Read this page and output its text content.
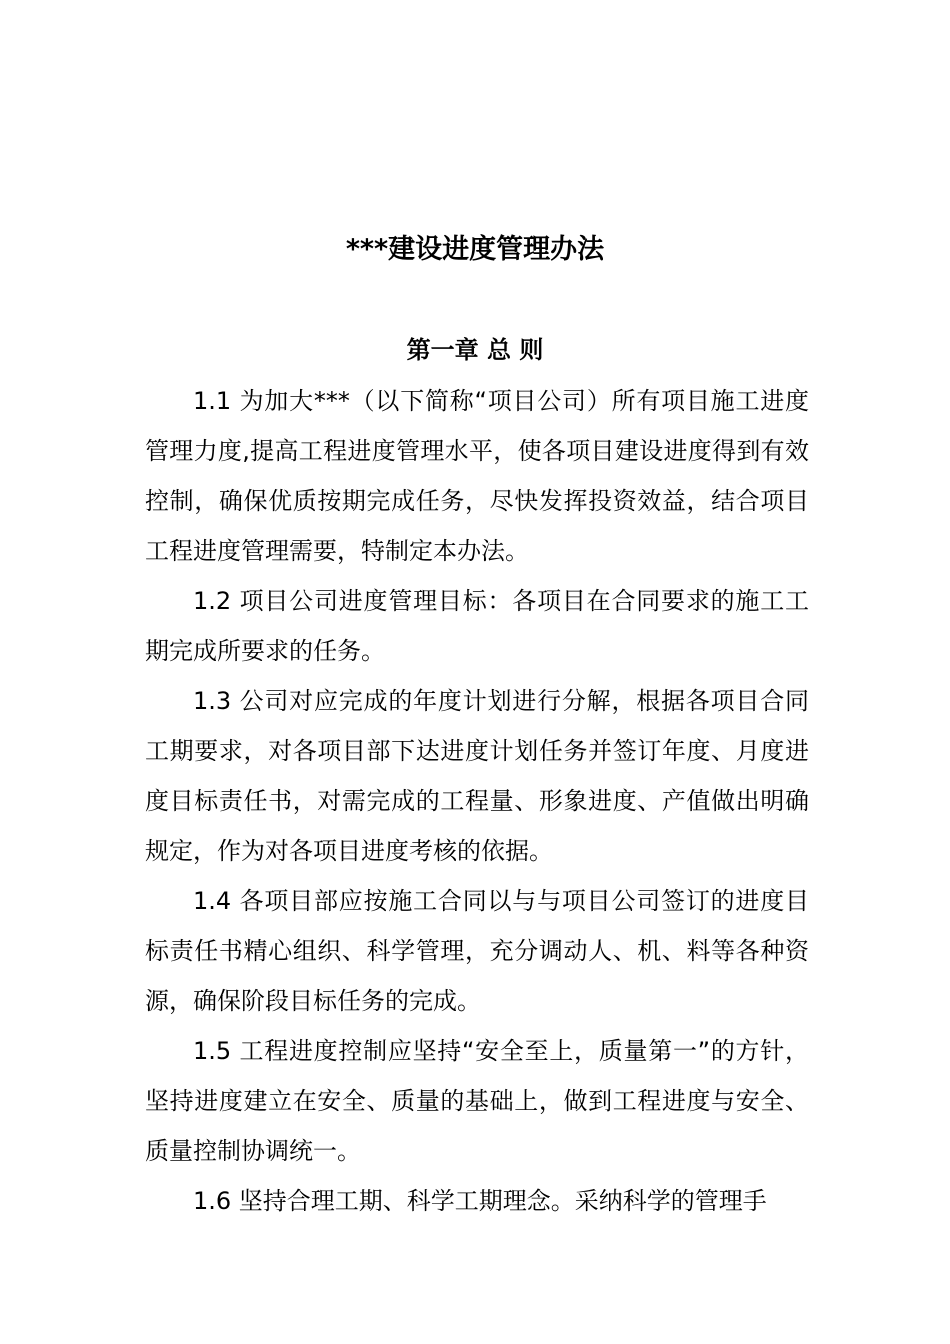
***建设进度管理办法
第一章 总 则

1.1 为加大***（以下简称“项目公司）所有项目施工进度管理力度,提高工程进度管理水平，使各项目建设进度得到有效控制，确保优质按期完成任务，尽快发挥投资效益，结合项目工程进度管理需要，特制定本办法。

1.2 项目公司进度管理目标：各项目在合同要求的施工工期完成所要求的任务。

1.3 公司对应完成的年度计划进行分解，根据各项目合同工期要求，对各项目部下达进度计划任务并签订年度、月度进度目标责任书，对需完成的工程量、形象进度、产值做出明确规定，作为对各项目进度考核的依据。

1.4 各项目部应按施工合同以与与项目公司签订的进度目标责任书精心组织、科学管理，充分调动人、机、料等各种资源，确保阶段目标任务的完成。

1.5 工程进度控制应坚持“安全至上，质量第一”的方针，坚持进度建立在安全、质量的基础上，做到工程进度与安全、质量控制协调统一。

1.6 坚持合理工期、科学工期理念。采纳科学的管理手
